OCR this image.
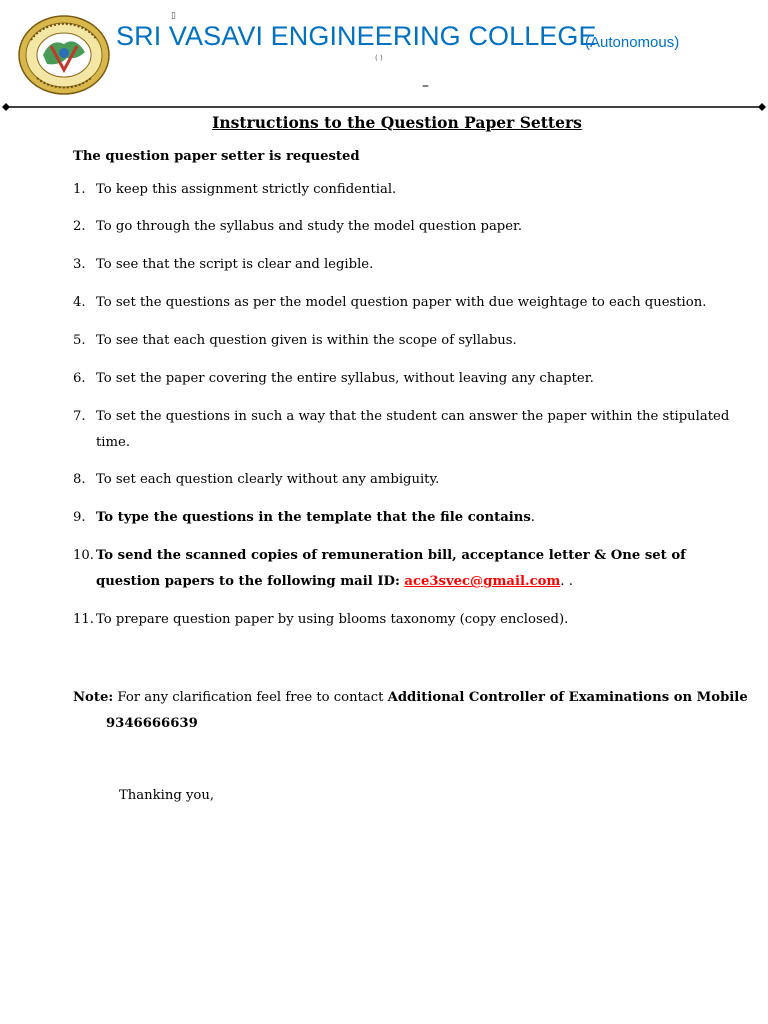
SRI VASAVI ENGINEERING COLLEGE
(Autonomous)
▯
( )
–
Instructions to the Question Paper Setters
The question paper setter is requested
1. To keep this assignment strictly confidential.
2. To go through the syllabus and study the model question paper.
3. To see that the script is clear and legible.
4. To set the questions as per the model question paper with due weightage to each question.
5. To see that each question given is within the scope of syllabus.
6. To set the paper covering the entire syllabus, without leaving any chapter.
7. To set the questions in such a way that the student can answer the paper within the stipulated
time.
8. To set each question clearly without any ambiguity.
9. To type the questions in the template that the file contains.
10. To send the scanned copies of remuneration bill, acceptance letter & One set of
question papers to the following mail ID: ace3svec@gmail.com. .
11. To prepare question paper by using blooms taxonomy (copy enclosed).
Note: For any clarification feel free to contact Additional Controller of Examinations on Mobile
9346666639
Thanking you,
